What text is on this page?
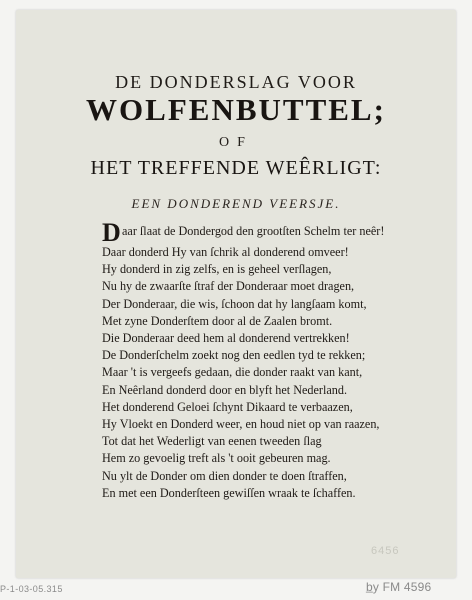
DE DONDERSLAG VOOR
WOLFENBUTTEL;
OF
HET TREFFENDE WEÊRLIGT:
EEN DONDEREND VEERSJE.
D aar ſlaat de Dondergod den grootſten Schelm ter neêr!
Daar donderd Hy van ſchrik al donderend omveer!
Hy donderd in zig zelfs, en is geheel verſlagen,
Nu hy de zwaarſte ſtraf der Donderaar moet dragen,
Der Donderaar, die wis, ſchoon dat hy langſaam komt,
Met zyne Donderſtem door al de Zaalen bromt.
Die Donderaar deed hem al donderend vertrekken!
De Donderſchelm zoekt nog den eedlen tyd te rekken;
Maar 't is vergeefs gedaan, die donder raakt van kant,
En Neêrland donderd door en blyft het Nederland.
Het donderend Geloei ſchynt Dikaard te verbaazen,
Hy Vloekt en Donderd weer, en houd niet op van raazen,
Tot dat het Wederligt van eenen tweeden ſlag
Hem zo gevoelig treft als 't ooit gebeuren mag.
Nu ylt de Donder om dien donder te doen ſtraffen,
En met een Donderſteen gewiſſen wraak te ſchaffen.
6456
P-1-03-05.315	b̲y FM 4596
